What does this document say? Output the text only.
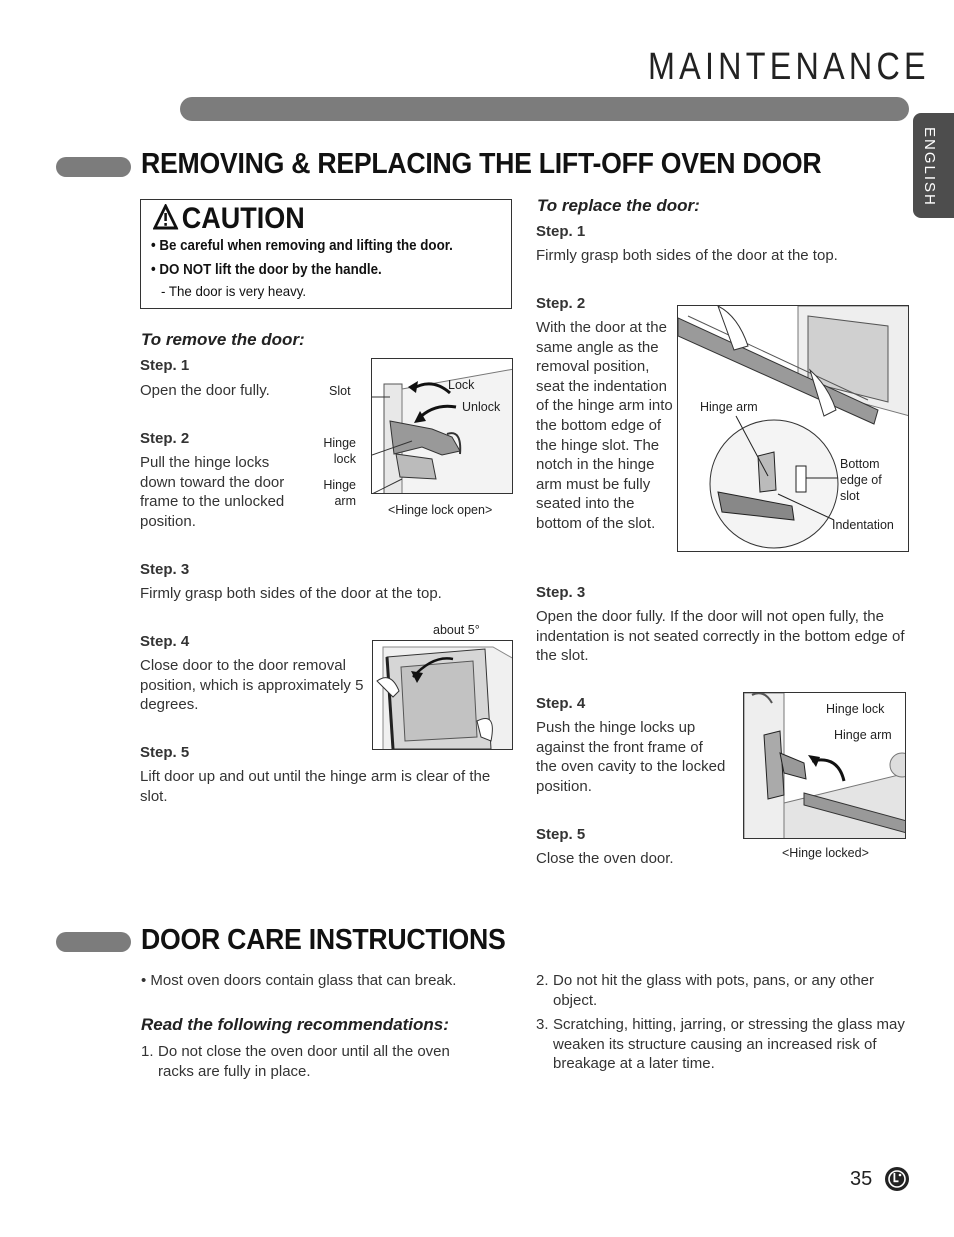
MAINTENANCE
ENGLISH
REMOVING & REPLACING THE LIFT-OFF OVEN DOOR
CAUTION
• Be careful when removing and lifting the door.
• DO NOT lift the door by the handle.
- The door is very heavy.
To remove the door:
Step. 1
Open the door fully.
Step. 2
Pull the hinge locks down toward the door frame to the unlocked position.
Slot
Hinge lock
Hinge arm
Lock
Unlock
<Hinge lock open>
Step. 3
Firmly grasp both sides of the door at the top.
Step. 4
Close door to the door removal position, which is approximately 5 degrees.
about 5°
Step. 5
Lift door up and out until the hinge arm is clear of the slot.
To replace the door:
Step. 1
Firmly grasp both sides of the door at the top.
Step. 2
With the door at the same angle as the removal position, seat the indentation of the hinge arm into the bottom edge of the hinge slot. The notch in the hinge arm must be fully seated into the bottom of the slot.
Hinge arm
Bottom edge of slot
Indentation
Step. 3
Open the door fully. If the door will not open fully, the indentation is not seated correctly in the bottom edge of the slot.
Step. 4
Push the hinge locks up against the front frame of the oven cavity to the locked position.
Hinge lock
Hinge arm
<Hinge locked>
Step. 5
Close the oven door.
DOOR CARE INSTRUCTIONS
• Most oven doors contain glass that can break.
Read the following recommendations:
1. Do not close the oven door until all the oven racks are fully in place.
2. Do not hit the glass with pots, pans, or any other object.
3. Scratching, hitting, jarring, or stressing the glass may weaken its structure causing an increased risk of breakage at a later time.
35
